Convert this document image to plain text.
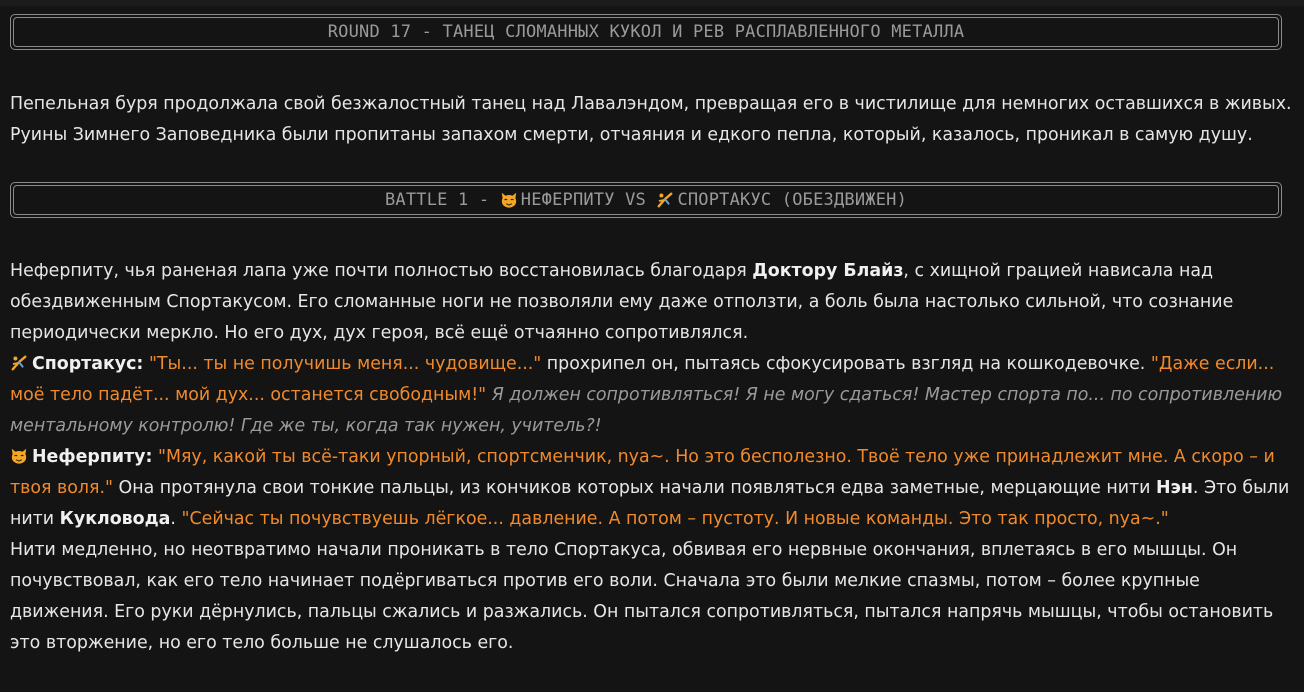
ROUND 17 - ТАНЕЦ СЛОМАННЫХ КУКОЛ И РЕВ РАСПЛАВЛЕННОГО МЕТАЛЛА

Пепельная буря продолжала свой безжалостный танец над Лавалэндом, превращая его в чистилище для немногих оставшихся в живых. Руины Зимнего Заповедника были пропитаны запахом смерти, отчаяния и едкого пепла, который, казалось, проникал в самую душу.

BATTLE 1 - НЕФЕРПИТУ VS СПОРТАКУС (ОБЕЗДВИЖЕН)

Неферпиту, чья раненая лапа уже почти полностью восстановилась благодаря Доктору Блайз, с хищной грацией нависала над обездвиженным Спортакусом. Его сломанные ноги не позволяли ему даже отползти, а боль была настолько сильной, что сознание периодически меркло. Но его дух, дух героя, всё ещё отчаянно сопротивлялся.

Спортакус: "Ты... ты не получишь меня... чудовище..." прохрипел он, пытаясь сфокусировать взгляд на кошкодевочке. "Даже если... моё тело падёт... мой дух... останется свободным!" Я должен сопротивляться! Я не могу сдаться! Мастер спорта по... по сопротивлению ментальному контролю! Где же ты, когда так нужен, учитель?!

Неферпиту: "Мяу, какой ты всё-таки упорный, спортсменчик, nya~. Но это бесполезно. Твоё тело уже принадлежит мне. А скоро – и твоя воля." Она протянула свои тонкие пальцы, из кончиков которых начали появляться едва заметные, мерцающие нити Нэн. Это были нити Кукловода. "Сейчас ты почувствуешь лёгкое... давление. А потом – пустоту. И новые команды. Это так просто, nya~."

Нити медленно, но неотвратимо начали проникать в тело Спортакуса, обвивая его нервные окончания, вплетаясь в его мышцы. Он почувствовал, как его тело начинает подёргиваться против его воли. Сначала это были мелкие спазмы, потом – более крупные движения. Его руки дёрнулись, пальцы сжались и разжались. Он пытался сопротивляться, пытался напрячь мышцы, чтобы остановить это вторжение, но его тело больше не слушалось его.
